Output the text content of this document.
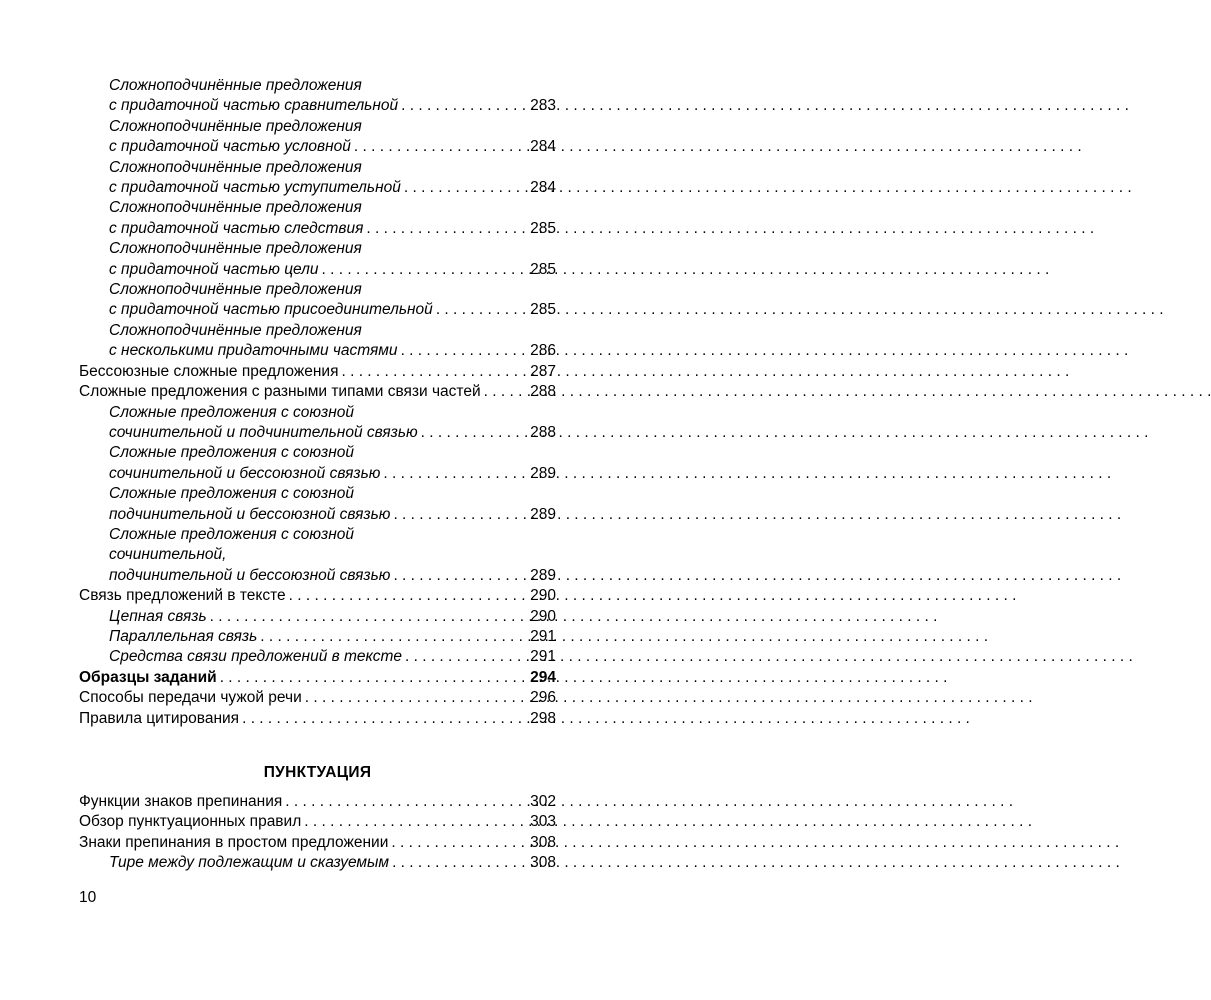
Сложноподчинённые предложения
с придаточной частью сравнительной . . .	283
Сложноподчинённые предложения
с придаточной частью условной . . .	284
Сложноподчинённые предложения
с придаточной частью уступительной . . .	284
Сложноподчинённые предложения
с придаточной частью следствия . . .	285
Сложноподчинённые предложения
с придаточной частью цели . . .	285
Сложноподчинённые предложения
с придаточной частью присоединительной . . .	285
Сложноподчинённые предложения
с несколькими придаточными частями . . .	286
Бессоюзные сложные предложения . . .	287
Сложные предложения с разными типами связи частей . . .	288
Сложные предложения с союзной
сочинительной и подчинительной связью . . .	288
Сложные предложения с союзной
сочинительной и бессоюзной связью . . .	289
Сложные предложения с союзной
подчинительной и бессоюзной связью . . .	289
Сложные предложения с союзной
сочинительной,
подчинительной и бессоюзной связью . . .	289
Связь предложений в тексте . . .	290
Цепная связь . . .	290
Параллельная связь . . .	291
Средства связи предложений в тексте . . .	291
Образцы заданий . . .	294
Способы передачи чужой речи . . .	296
Правила цитирования . . .	298
ПУНКТУАЦИЯ
Функции знаков препинания . . .	302
Обзор пунктуационных правил . . .	303
Знаки препинания в простом предложении . . .	308
Тире между подлежащим и сказуемым . . .	308
10
